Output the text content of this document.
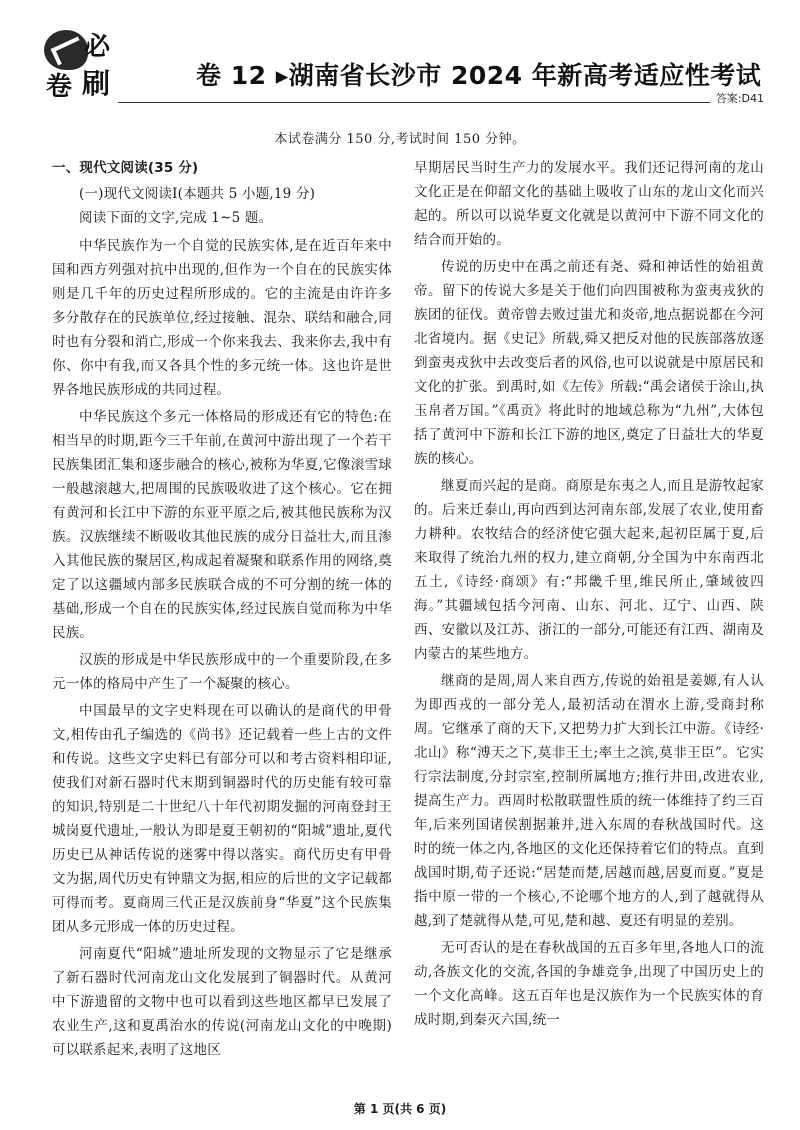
必
卷 刷	卷 12 ▸湖南省长沙市 2024 年新高考适应性考试
答案:D41
本试卷满分 150 分,考试时间 150 分钟。
一、现代文阅读(35 分)
(一)现代文阅读Ⅰ(本题共 5 小题,19 分)
阅读下面的文字,完成 1~5 题。

中华民族作为一个自觉的民族实体,是在近百年来中国和西方列强对抗中出现的,但作为一个自在的民族实体则是几千年的历史过程所形成的。它的主流是由许许多多分散存在的民族单位,经过接触、混杂、联结和融合,同时也有分裂和消亡,形成一个你来我去、我来你去,我中有你、你中有我,而又各具个性的多元统一体。这也许是世界各地民族形成的共同过程。

中华民族这个多元一体格局的形成还有它的特色:在相当早的时期,距今三千年前,在黄河中游出现了一个若干民族集团汇集和逐步融合的核心,被称为华夏,它像滚雪球一般越滚越大,把周围的民族吸收进了这个核心。它在拥有黄河和长江中下游的东亚平原之后,被其他民族称为汉族。汉族继续不断吸收其他民族的成分日益壮大,而且渗入其他民族的聚居区,构成起着凝聚和联系作用的网络,奠定了以这疆域内部多民族联合成的不可分割的统一体的基础,形成一个自在的民族实体,经过民族自觉而称为中华民族。

汉族的形成是中华民族形成中的一个重要阶段,在多元一体的格局中产生了一个凝聚的核心。

中国最早的文字史料现在可以确认的是商代的甲骨文,相传由孔子编选的《尚书》还记载着一些上古的文件和传说。这些文字史料已有部分可以和考古资料相印证,使我们对新石器时代末期到铜器时代的历史能有较可靠的知识,特别是二十世纪八十年代初期发掘的河南登封王城岗夏代遗址,一般认为即是夏王朝初的“阳城”遗址,夏代历史已从神话传说的迷雾中得以落实。商代历史有甲骨文为据,周代历史有钟鼎文为据,相应的后世的文字记载都可得而考。夏商周三代正是汉族前身“华夏”这个民族集团从多元形成一体的历史过程。

河南夏代“阳城”遗址所发现的文物显示了它是继承了新石器时代河南龙山文化发展到了铜器时代。从黄河中下游遗留的文物中也可以看到这些地区都早已发展了农业生产,这和夏禹治水的传说(河南龙山文化的中晚期)可以联系起来,表明了这地区

早期居民当时生产力的发展水平。我们还记得河南的龙山文化正是在仰韶文化的基础上吸收了山东的龙山文化而兴起的。所以可以说华夏文化就是以黄河中下游不同文化的结合而开始的。

传说的历史中在禹之前还有尧、舜和神话性的始祖黄帝。留下的传说大多是关于他们向四围被称为蛮夷戎狄的族团的征伐。黄帝曾去败过蚩尤和炎帝,地点据说都在今河北省境内。据《史记》所载,舜又把反对他的民族部落放逐到蛮夷戎狄中去改变后者的风俗,也可以说就是中原居民和文化的扩张。到禹时,如《左传》所载:“禹会诸侯于涂山,执玉帛者万国。”《禹贡》将此时的地域总称为“九州”,大体包括了黄河中下游和长江下游的地区,奠定了日益壮大的华夏族的核心。

继夏而兴起的是商。商原是东夷之人,而且是游牧起家的。后来迁泰山,再向西到达河南东部,发展了农业,使用畜力耕种。农牧结合的经济使它强大起来,起初臣属于夏,后来取得了统治九州的权力,建立商朝,分全国为中东南西北五土,《诗经·商颂》有:“邦畿千里,维民所止,肇域彼四海。”其疆域包括今河南、山东、河北、辽宁、山西、陕西、安徽以及江苏、浙江的一部分,可能还有江西、湖南及内蒙古的某些地方。

继商的是周,周人来自西方,传说的始祖是姜嫄,有人认为即西戎的一部分羌人,最初活动在渭水上游,受商封称周。它继承了商的天下,又把势力扩大到长江中游。《诗经·北山》称“溥天之下,莫非王土;率土之滨,莫非王臣”。它实行宗法制度,分封宗室,控制所属地方;推行井田,改进农业,提高生产力。西周时松散联盟性质的统一体维持了约三百年,后来列国诸侯割据兼并,进入东周的春秋战国时代。这时的统一体之内,各地区的文化还保持着它们的特点。直到战国时期,荀子还说:“居楚而楚,居越而越,居夏而夏。”夏是指中原一带的一个核心,不论哪个地方的人,到了越就得从越,到了楚就得从楚,可见,楚和越、夏还有明显的差别。

无可否认的是在春秋战国的五百多年里,各地人口的流动,各族文化的交流,各国的争雄竞争,出现了中国历史上的一个文化高峰。这五百年也是汉族作为一个民族实体的育成时期,到秦灭六国,统一

第 1 页(共 6 页)
